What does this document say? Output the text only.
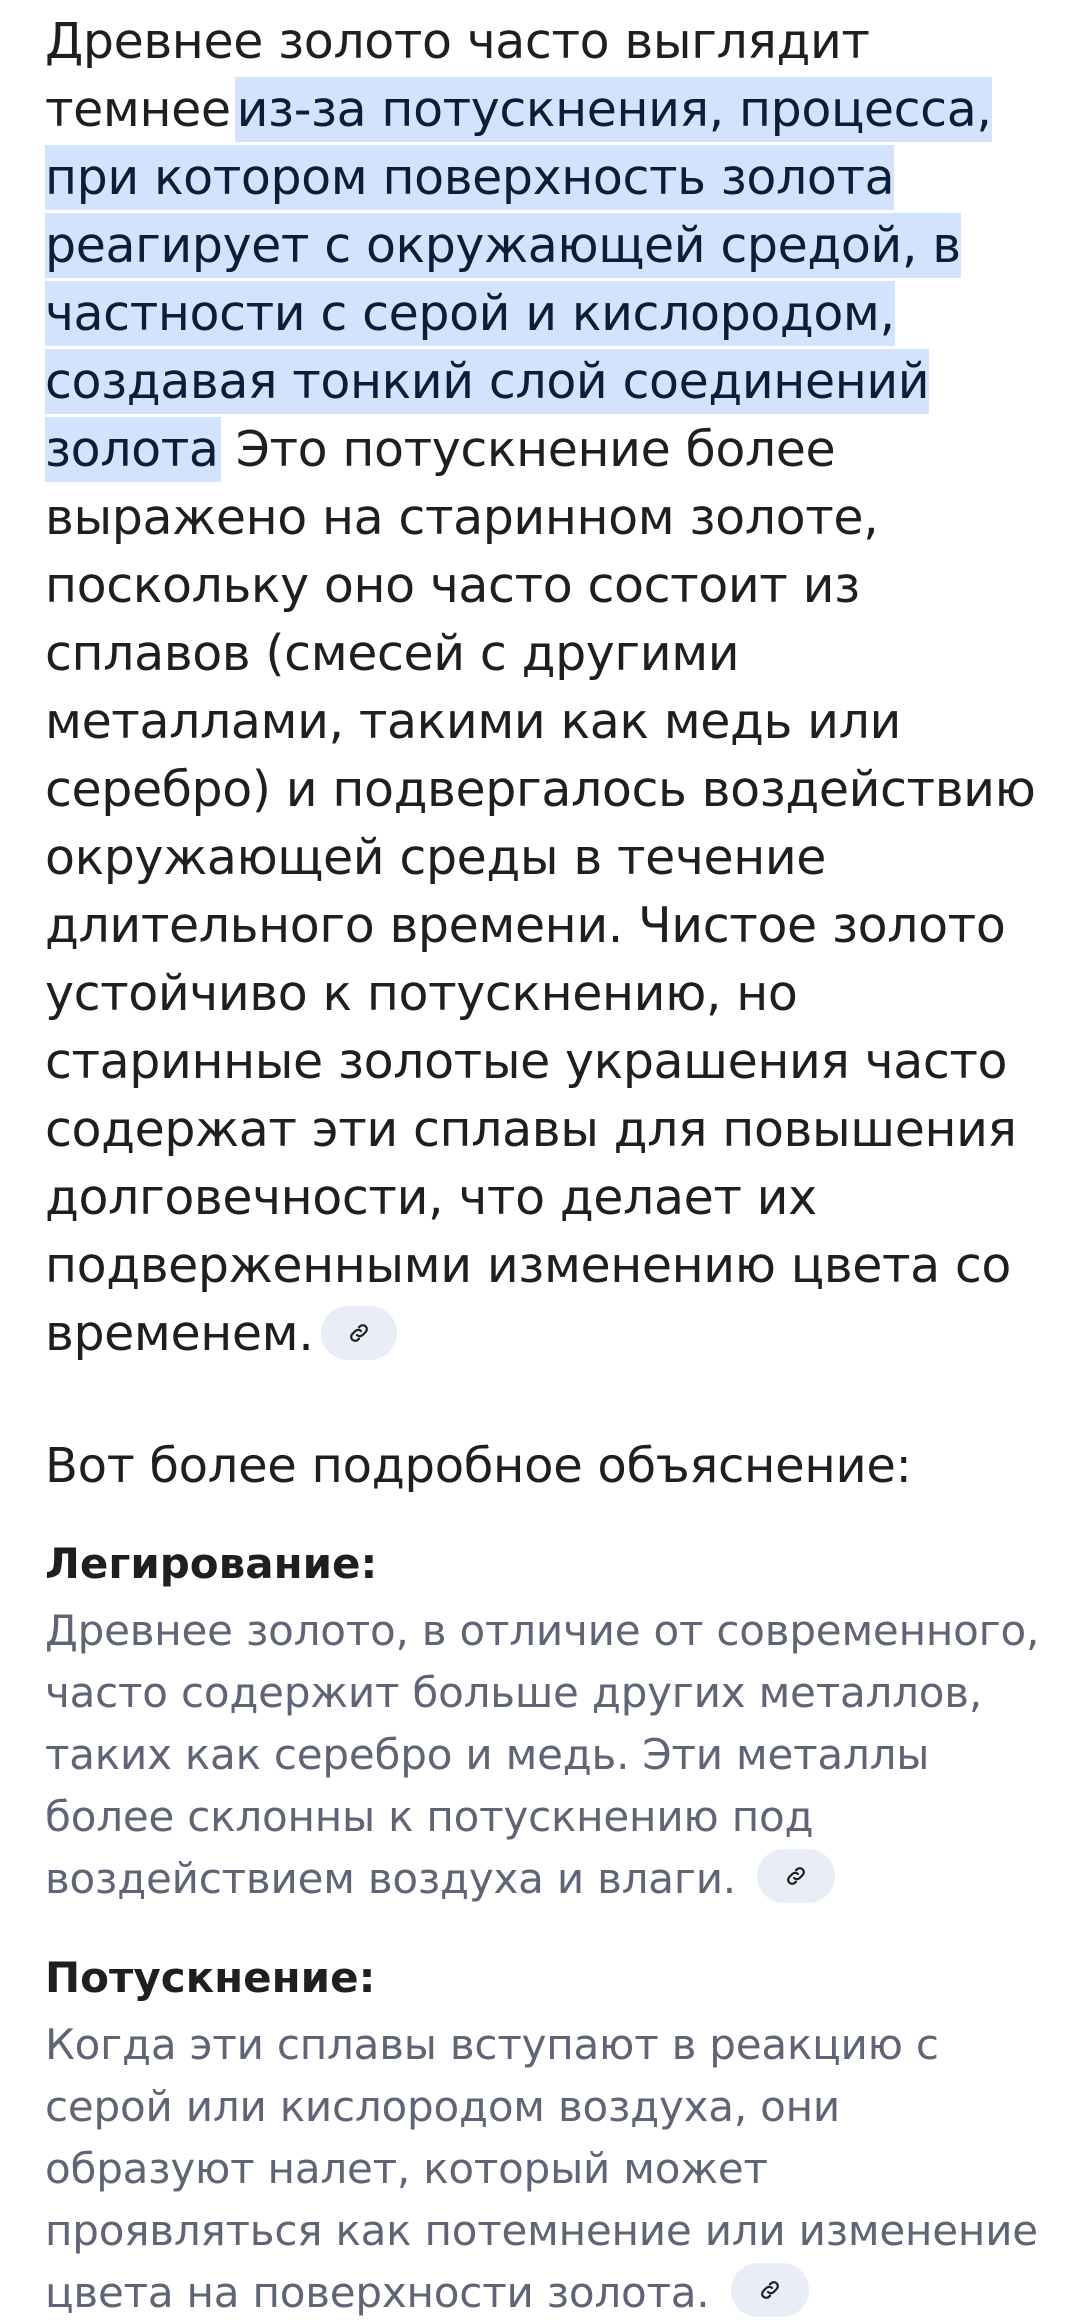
Древнее золото часто выглядит темнее из-за потускнения, процесса, при котором поверхность золота реагирует с окружающей средой, в частности с серой и кислородом, создавая тонкий слой соединений золота Это потускнение более выражено на старинном золоте, поскольку оно часто состоит из сплавов (смесей с другими металлами, такими как медь или серебро) и подвергалось воздействию окружающей среды в течение длительного времени. Чистое золото устойчиво к потускнению, но старинные золотые украшения часто содержат эти сплавы для повышения долговечности, что делает их подверженными изменению цвета со временем.

Вот более подробное объяснение:
Легирование:

Древнее золото, в отличие от современного, часто содержит больше других металлов, таких как серебро и медь. Эти металлы более склонны к потускнению под воздействием воздуха и влаги.

Потускнение:

Когда эти сплавы вступают в реакцию с серой или кислородом воздуха, они образуют налет, который может проявляться как потемнение или изменение цвета на поверхности золота.
